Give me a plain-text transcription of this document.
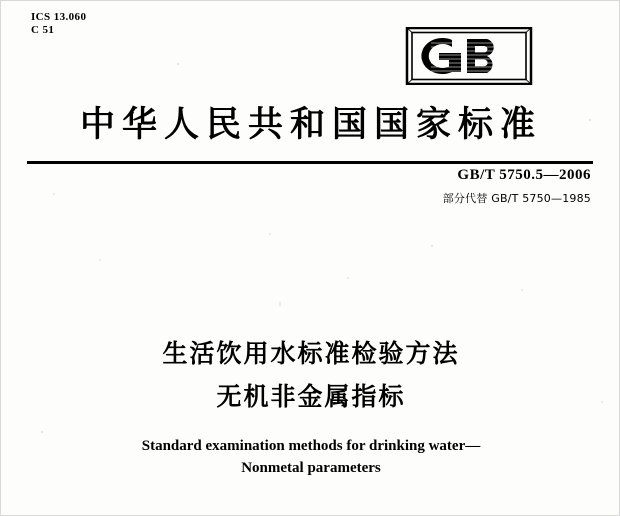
ICS 13.060
C 51
中华人民共和国国家标准
GB/T 5750.5—2006
部分代替 GB/T 5750—1985
生活饮用水标准检验方法
无机非金属指标
Standard examination methods for drinking water—
Nonmetal parameters
